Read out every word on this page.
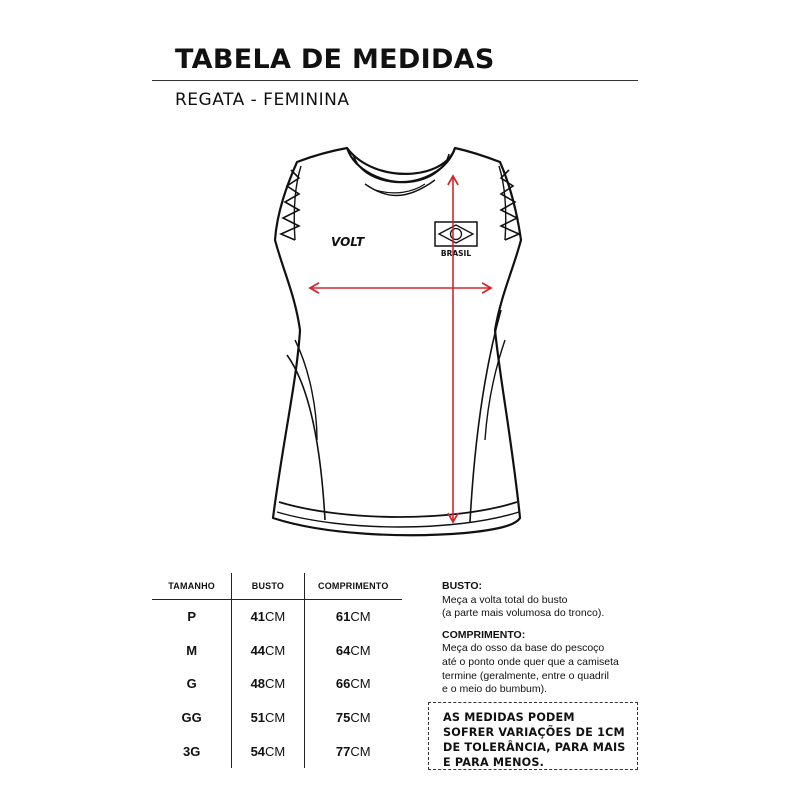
TABELA DE MEDIDAS
REGATA - FEMININA
VOLT
BRASIL
TAMANHO	BUSTO	COMPRIMENTO
P	41CM	61CM
M	44CM	64CM
G	48CM	66CM
GG	51CM	75CM
3G	54CM	77CM
BUSTO:
Meça a volta total do busto
(a parte mais volumosa do tronco).
COMPRIMENTO:
Meça do osso da base do pescoço
até o ponto onde quer que a camiseta
termine (geralmente, entre o quadril
e o meio do bumbum).
AS MEDIDAS PODEM
SOFRER VARIAÇÕES DE 1CM
DE TOLERÂNCIA, PARA MAIS
E PARA MENOS.
